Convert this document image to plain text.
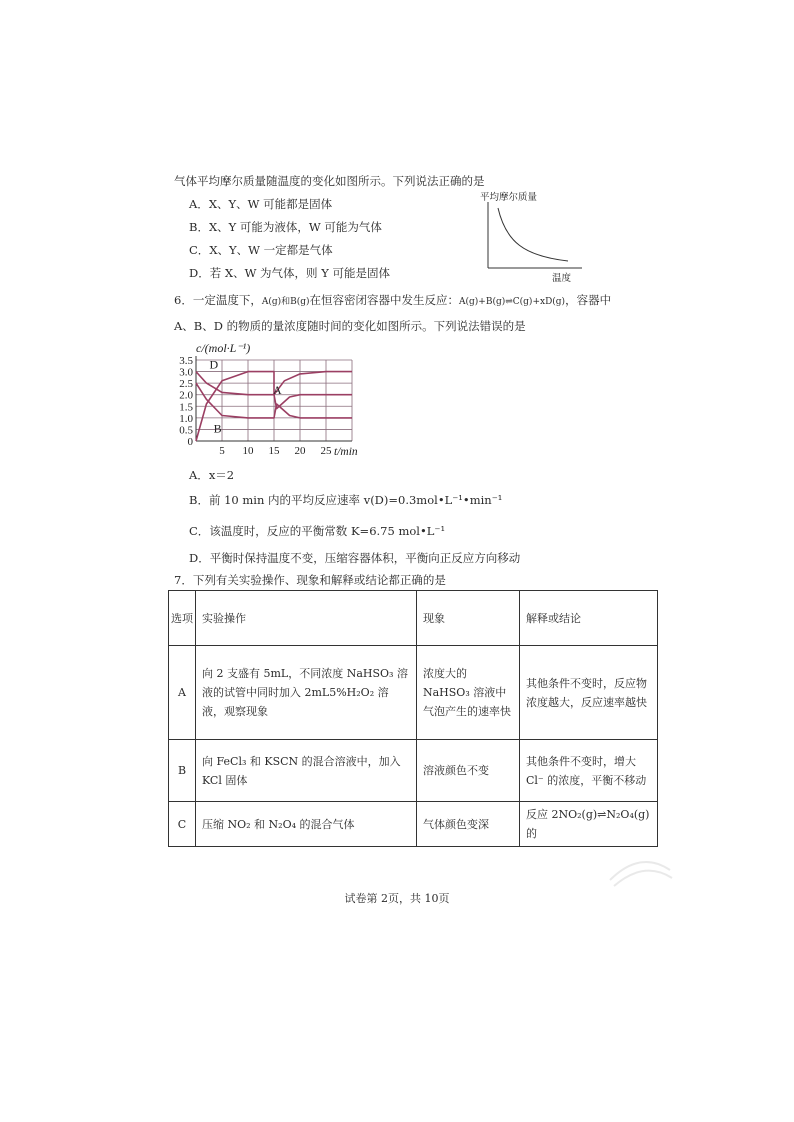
气体平均摩尔质量随温度的变化如图所示。下列说法正确的是
A．X、Y、W 可能都是固体
B．X、Y 可能为液体，W 可能为气体
C．X、Y、W 一定都是气体
D．若 X、W 为气体，则 Y 可能是固体
平均摩尔质量
温度
6．一定温度下，A(g)和B(g)在恒容密闭容器中发生反应：A(g)+B(g)⇌C(g)+xD(g)，容器中
A、B、D 的物质的量浓度随时间的变化如图所示。下列说法错误的是
c/(mol·L⁻¹)
D
A
B
0
0.5
1.0
1.5
2.0
2.5
3.0
3.5
5 10 15 20 25 t/min
A．x＝2
B．前 10 min 内的平均反应速率 v(D)=0.3mol•L⁻¹•min⁻¹
C．该温度时，反应的平衡常数 K=6.75 mol•L⁻¹
D．平衡时保持温度不变，压缩容器体积，平衡向正反应方向移动
7．下列有关实验操作、现象和解释或结论都正确的是
选项	实验操作	现象	解释或结论
A	向 2 支盛有 5mL，不同浓度 NaHSO₃ 溶液的试管中同时加入 2mL5%H₂O₂ 溶液，观察现象	浓度大的 NaHSO₃ 溶液中气泡产生的速率快	其他条件不变时，反应物浓度越大，反应速率越快
B	向 FeCl₃ 和 KSCN 的混合溶液中，加入 KCl 固体	溶液颜色不变	其他条件不变时，增大 Cl⁻ 的浓度，平衡不移动
C	压缩 NO₂ 和 N₂O₄ 的混合气体	气体颜色变深	反应 2NO₂(g)⇌N₂O₄(g) 的
试卷第 2页，共 10页
